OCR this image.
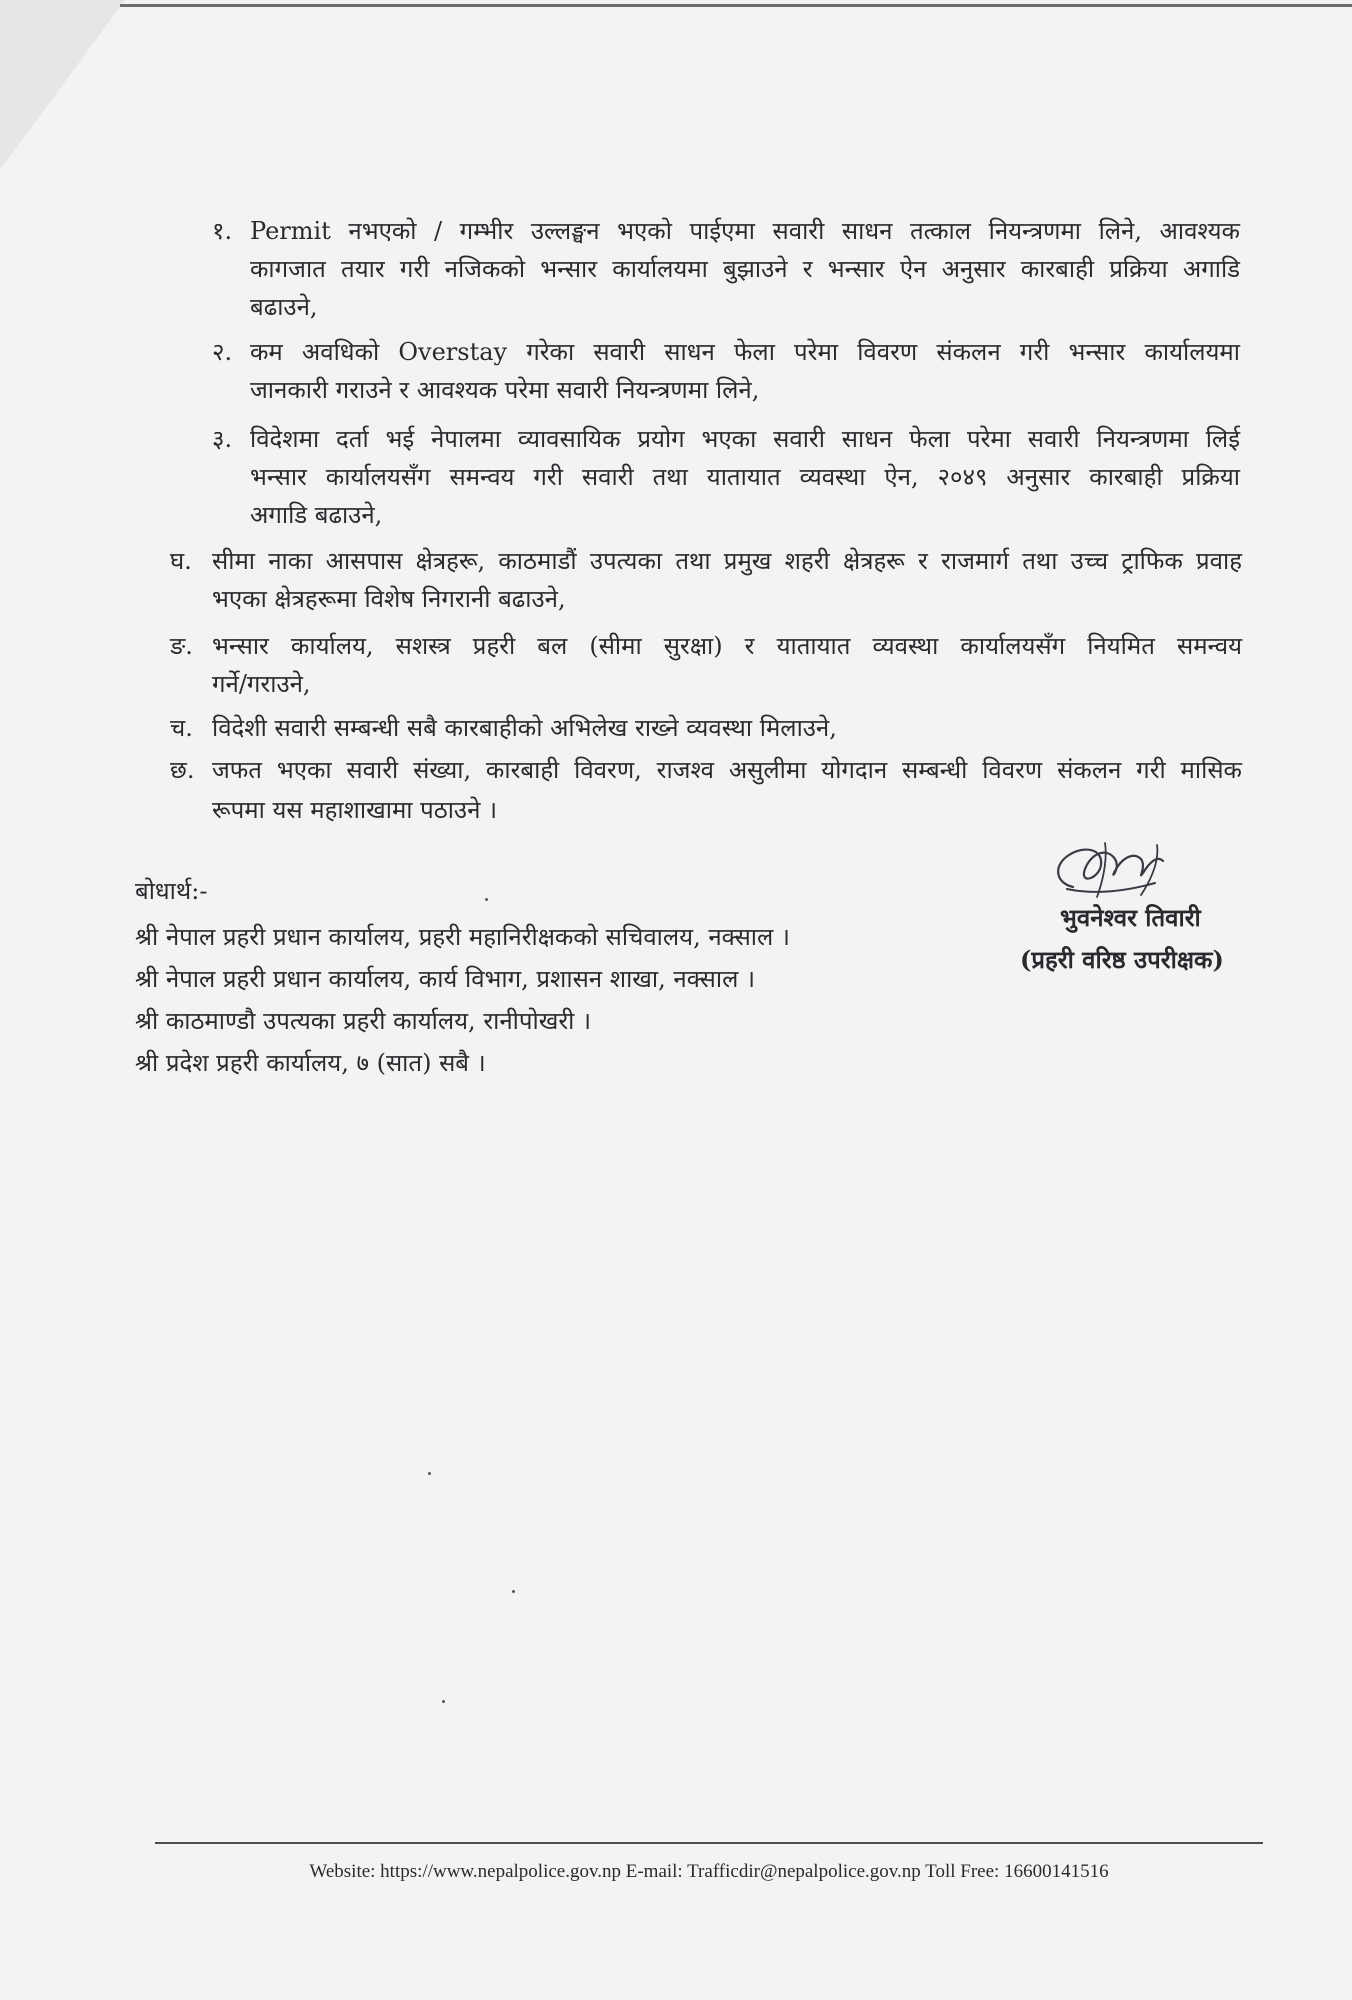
१. Permit नभएको / गम्भीर उल्लङ्घन भएको पाईएमा सवारी साधन तत्काल नियन्त्रणमा लिने, आवश्यक
कागजात तयार गरी नजिकको भन्सार कार्यालयमा बुझाउने र भन्सार ऐन अनुसार कारबाही प्रक्रिया अगाडि
बढाउने,
२. कम अवधिको Overstay गरेका सवारी साधन फेला परेमा विवरण संकलन गरी भन्सार कार्यालयमा
जानकारी गराउने र आवश्यक परेमा सवारी नियन्त्रणमा लिने,
३. विदेशमा दर्ता भई नेपालमा व्यावसायिक प्रयोग भएका सवारी साधन फेला परेमा सवारी नियन्त्रणमा लिई
भन्सार कार्यालयसँग समन्वय गरी सवारी तथा यातायात व्यवस्था ऐन, २०४९ अनुसार कारबाही प्रक्रिया
अगाडि बढाउने,
घ. सीमा नाका आसपास क्षेत्रहरू, काठमाडौं उपत्यका तथा प्रमुख शहरी क्षेत्रहरू र राजमार्ग तथा उच्च ट्राफिक प्रवाह
भएका क्षेत्रहरूमा विशेष निगरानी बढाउने,
ङ. भन्सार कार्यालय, सशस्त्र प्रहरी बल (सीमा सुरक्षा) र यातायात व्यवस्था कार्यालयसँग नियमित समन्वय
गर्ने/गराउने,
च. विदेशी सवारी सम्बन्धी सबै कारबाहीको अभिलेख राख्ने व्यवस्था मिलाउने,
छ. जफत भएका सवारी संख्या, कारबाही विवरण, राजश्व असुलीमा योगदान सम्बन्धी विवरण संकलन गरी मासिक
रूपमा यस महाशाखामा पठाउने ।
बोधार्थ:-
श्री नेपाल प्रहरी प्रधान कार्यालय, प्रहरी महानिरीक्षकको सचिवालय, नक्साल ।
श्री नेपाल प्रहरी प्रधान कार्यालय, कार्य विभाग, प्रशासन शाखा, नक्साल ।
श्री काठमाण्डौ उपत्यका प्रहरी कार्यालय, रानीपोखरी ।
श्री प्रदेश प्रहरी कार्यालय, ७ (सात) सबै ।
भुवनेश्वर तिवारी
(प्रहरी वरिष्ठ उपरीक्षक)
Website: https://www.nepalpolice.gov.np E-mail: Trafficdir@nepalpolice.gov.np Toll Free: 16600141516
